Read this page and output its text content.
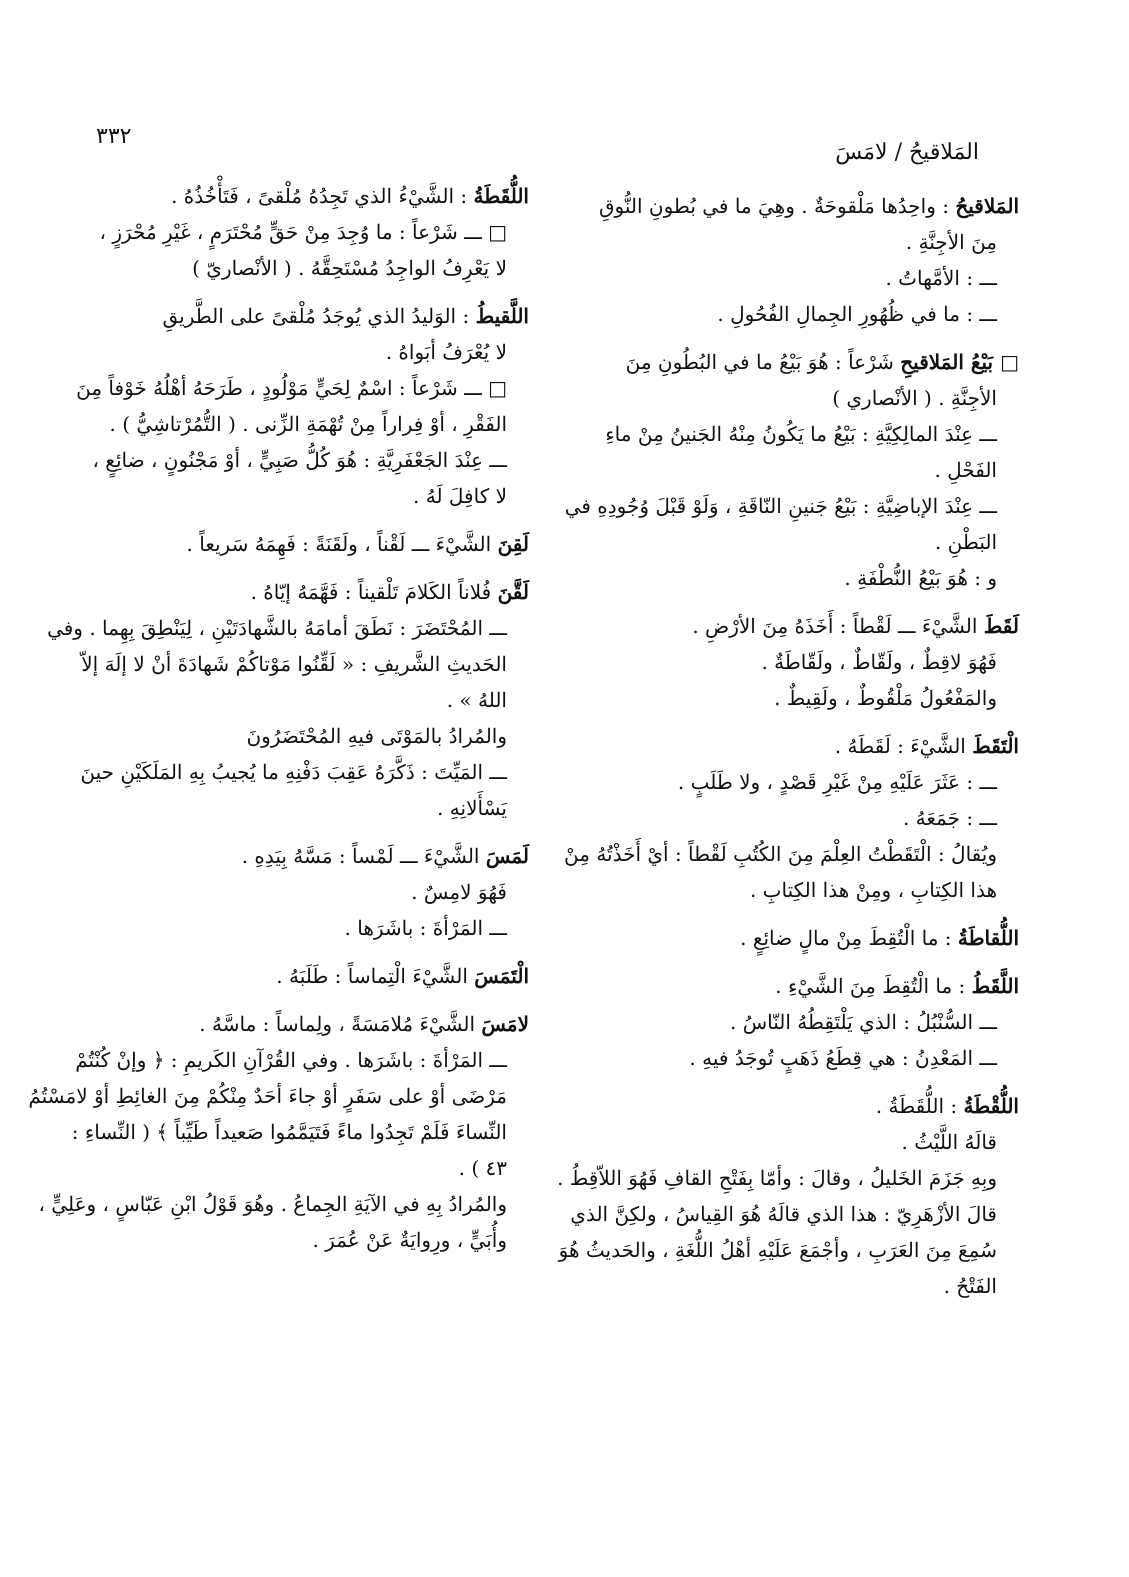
٣٣٢
المَلاقيحُ / لامَسَ
المَلاقيحُ : واحِدُها مَلْقوحَةٌ . وهِيَ ما في بُطونِ النُّوقِ
مِنَ الأجِنَّةِ .
ـــ : الأمَّهاتُ .
ـــ : ما في ظُهُورِ الجِمالِ الفُحُولِ .
□ بَيْعُ المَلاقيحِ شَرْعاً : هُوَ بَيْعُ ما في البُطُونِ مِنَ
الأجِنَّةِ . ( الأنْصاري )
ـــ عِنْدَ المالِكِيَّةِ : بَيْعُ ما يَكُونُ مِنْهُ الجَنينُ مِنْ ماءِ
الفَحْلِ .
ـــ عِنْدَ الإباضِيَّةِ : بَيْعُ جَنينِ النّاقَةِ ، وَلَوْ قَبْلَ وُجُودِهِ في
البَطْنِ .
و : هُوَ بَيْعُ النُّطْفَةِ .
لَقَطَ الشَّيْءَ ـــ لَقْطاً : أَخَذَهُ مِنَ الأرْضِ .
فَهُوَ لاقِطٌ ، ولَقّاطٌ ، ولَقّاطَةٌ .
والمَفْعُولُ مَلْقُوطٌ ، ولَقِيطٌ .
الْتَقَطَ الشَّيْءَ : لَقَطَهُ .
ـــ : عَثَرَ عَلَيْهِ مِنْ غَيْرِ قَصْدٍ ، ولا طَلَبٍ .
ـــ : جَمَعَهُ .
ويُقالُ : الْتَقَطْتُ العِلْمَ مِنَ الكُتُبِ لَقْطاً : أيْ أَخَذْتُهُ مِنْ
هذا الكِتابِ ، ومِنْ هذا الكِتابِ .
اللُّقاطَةُ : ما الْتُقِطَ مِنْ مالٍ ضائِعٍ .
اللَّقَطُ : ما الْتُقِطَ مِنَ الشَّيْءِ .
ـــ السُّنْبُلُ : الذي يَلْتَقِطُهُ النّاسُ .
ـــ المَعْدِنُ : هي قِطَعُ ذَهَبٍ تُوجَدُ فيهِ .
اللُّقْطَةُ : اللُّقَطَةُ .
قالَهُ اللَّيْثُ .
وبِهِ جَزَمَ الخَليلُ ، وقالَ : وأمّا بِفَتْحِ القافِ فَهُوَ اللاّقِطُ .
قالَ الأزْهَرِيّ : هذا الذي قالَهُ هُوَ القِياسُ ، ولكِنَّ الذي
سُمِعَ مِنَ العَرَبِ ، وأجْمَعَ عَلَيْهِ أهْلُ اللُّغَةِ ، والحَديثُ هُوَ
الفَتْحُ .
اللُّقَطَةُ : الشَّيْءُ الذي تَجِدُهُ مُلْقىً ، فَتَأْخُذُهُ .
□ ـــ شَرْعاً : ما وُجِدَ مِنْ حَقٍّ مُحْتَرَمٍ ، غَيْرِ مُحْرَزٍ ،
لا يَعْرِفُ الواجِدُ مُسْتَحِقَّهُ . ( الأنْصاريّ )
اللَّقيطُ : الوَليدُ الذي يُوجَدُ مُلْقىً على الطَّريقِ
لا يُعْرَفُ أبَواهُ .
□ ـــ شَرْعاً : اسْمٌ لِحَيٍّ مَوْلُودٍ ، طَرَحَهُ أهْلُهُ خَوْفاً مِنَ
الفَقْرِ ، أوْ فِراراً مِنْ تُهْمَةِ الزِّنى . ( التُّمُرْتاشِيُّ ) .
ـــ عِنْدَ الجَعْفَرِيَّةِ : هُوَ كُلُّ صَبِيٍّ ، أوْ مَجْنُونٍ ، ضائِعٍ ،
لا كافِلَ لَهُ .
لَقِنَ الشَّيْءَ ـــ لَقْناً ، ولَقَنَةً : فَهِمَهُ سَريعاً .
لَقَّنَ فُلاناً الكَلامَ تَلْقيناً : فَهَّمَهُ إيّاهُ .
ـــ المُحْتَضَرَ : نَطَقَ أمامَهُ بالشَّهادَتَيْنِ ، لِيَنْطِقَ بِهِما . وفي
الحَديثِ الشَّريفِ : « لَقِّنُوا مَوْتاكُمْ شَهادَةَ أنْ لا إلَهَ إلاّ
اللهُ » .
والمُرادُ بالمَوْتَى فيهِ المُحْتَضَرُونَ
ـــ المَيِّتَ : ذَكَّرَهُ عَقِبَ دَفْنِهِ ما يُجيبُ بِهِ المَلَكَيْنِ حينَ
يَسْأَلانِهِ .
لَمَسَ الشَّيْءَ ـــ لَمْساً : مَسَّهُ بِيَدِهِ .
فَهُوَ لامِسٌ .
ـــ المَرْأةَ : باشَرَها .
الْتَمَسَ الشَّيْءَ الْتِماساً : طَلَبَهُ .
لامَسَ الشَّيْءَ مُلامَسَةً ، ولِماساً : ماسَّهُ .
ـــ المَرْأةَ : باشَرَها . وفي القُرْآنِ الكَريمِ : ﴿ وإنْ كُنْتُمْ
مَرْضَى أوْ على سَفَرٍ أوْ جاءَ أحَدٌ مِنْكُمْ مِنَ الغائِطِ أوْ لامَسْتُمُ
النِّساءَ فَلَمْ تَجِدُوا ماءً فَتَيَمَّمُوا صَعيداً طَيِّباً ﴾ ( النِّساءِ :
٤٣ ) .
والمُرادُ بِهِ في الآيَةِ الجِماعُ . وهُوَ قَوْلُ ابْنِ عَبّاسٍ ، وعَلِيٍّ ،
وأُبَيٍّ ، ورِوايَةٌ عَنْ عُمَرَ .
